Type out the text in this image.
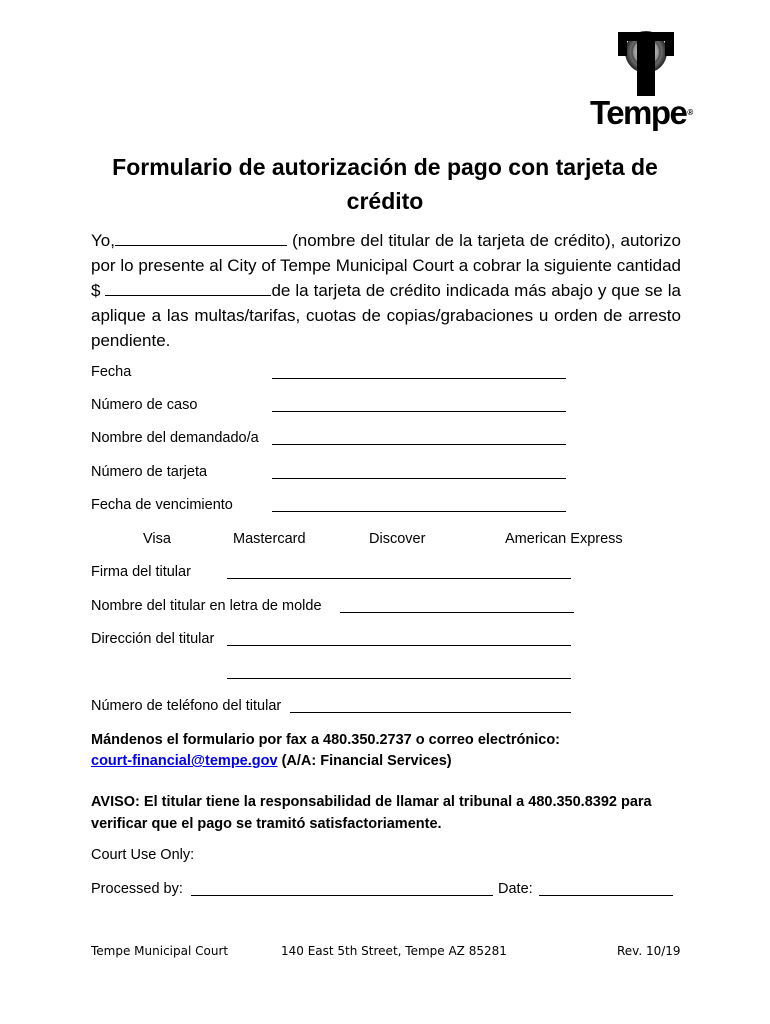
Tempe®
Formulario de autorización de pago con tarjeta de crédito
Yo,	(nombre del titular de la tarjeta de crédito), autorizo por lo presente al City of Tempe Municipal Court a cobrar la siguiente cantidad $	de la tarjeta de crédito indicada más abajo y que se la aplique a las multas/tarifas, cuotas de copias/grabaciones u orden de arresto pendiente.
Fecha
Número de caso
Nombre del demandado/a
Número de tarjeta
Fecha de vencimiento
Visa	Mastercard	Discover	American Express
Firma del titular
Nombre del titular en letra de molde
Dirección del titular
Número de teléfono del titular
Mándenos el formulario por fax a 480.350.2737 o correo electrónico:
court-financial@tempe.gov (A/A: Financial Services)
AVISO: El titular tiene la responsabilidad de llamar al tribunal a 480.350.8392 para verificar que el pago se tramitó satisfactoriamente.
Court Use Only:
Processed by:	Date:
Tempe Municipal Court	140 East 5th Street, Tempe AZ 85281	Rev. 10/19
